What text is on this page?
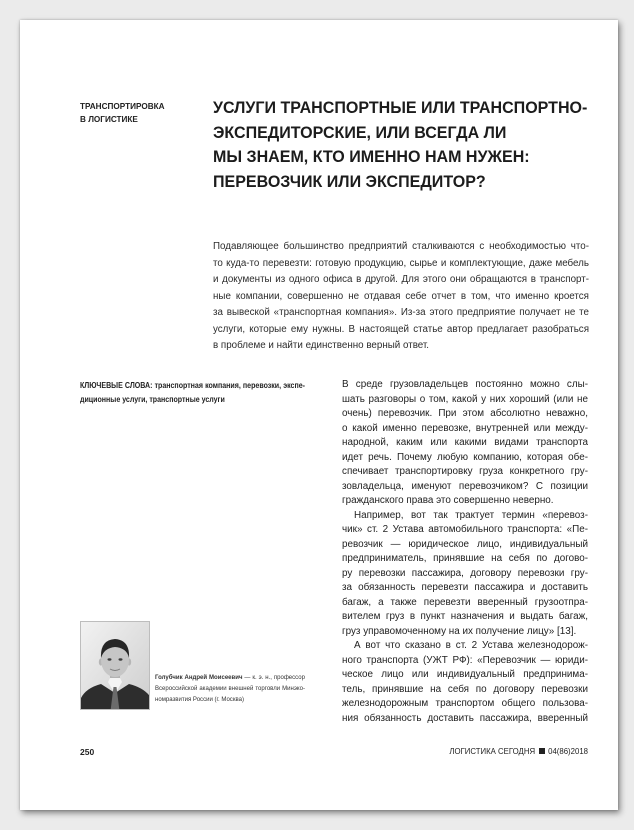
ТРАНСПОРТИРОВКА
В ЛОГИСТИКЕ
УСЛУГИ ТРАНСПОРТНЫЕ ИЛИ ТРАНСПОРТНО-
ЭКСПЕДИТОРСКИЕ, ИЛИ ВСЕГДА ЛИ
МЫ ЗНАЕМ, КТО ИМЕННО НАМ НУЖЕН:
ПЕРЕВОЗЧИК ИЛИ ЭКСПЕДИТОР?
Подавляющее большинство предприятий сталкиваются с необходимостью что-
то куда-то перевезти: готовую продукцию, сырье и комплектующие, даже мебель
и документы из одного офиса в другой. Для этого они обращаются в транспорт-
ные компании, совершенно не отдавая себе отчет в том, что именно кроется
за вывеской «транспортная компания». Из-за этого предприятие получает не те
услуги, которые ему нужны. В настоящей статье автор предлагает разобраться
в проблеме и найти единственно верный ответ.
КЛЮЧЕВЫЕ СЛОВА: транспортная компания, перевозки, экспе-
диционные услуги, транспортные услуги
В среде грузовладельцев постоянно можно слы-
шать разговоры о том, какой у них хороший (или не
очень) перевозчик. При этом абсолютно неважно,
о какой именно перевозке, внутренней или между-
народной, каким или какими видами транспорта
идет речь. Почему любую компанию, которая обе-
спечивает транспортировку груза конкретного гру-
зовладельца, именуют перевозчиком? С позиции
гражданского права это совершенно неверно.
Например, вот так трактует термин «перевоз-
чик» ст. 2 Устава автомобильного транспорта: «Пе-
ревозчик — юридическое лицо, индивидуальный
предприниматель, принявшие на себя по догово-
ру перевозки пассажира, договору перевозки гру-
за обязанность перевезти пассажира и доставить
багаж, а также перевезти вверенный грузоотпра-
вителем груз в пункт назначения и выдать багаж,
груз управомоченному на их получение лицу» [13].
А вот что сказано в ст. 2 Устава железнодорож-
ного транспорта (УЖТ РФ): «Перевозчик — юриди-
ческое лицо или индивидуальный предпринима-
тель, принявшие на себя по договору перевозки
железнодорожным транспортом общего пользова-
ния обязанность доставить пассажира, вверенный
Голубчик Андрей Моисеевич — к. э. н., профессор
Всероссийской академии внешней торговли Минэко-
номразвития России (г. Москва)
250	ЛОГИСТИКА СЕГОДНЯ 04(86)2018
